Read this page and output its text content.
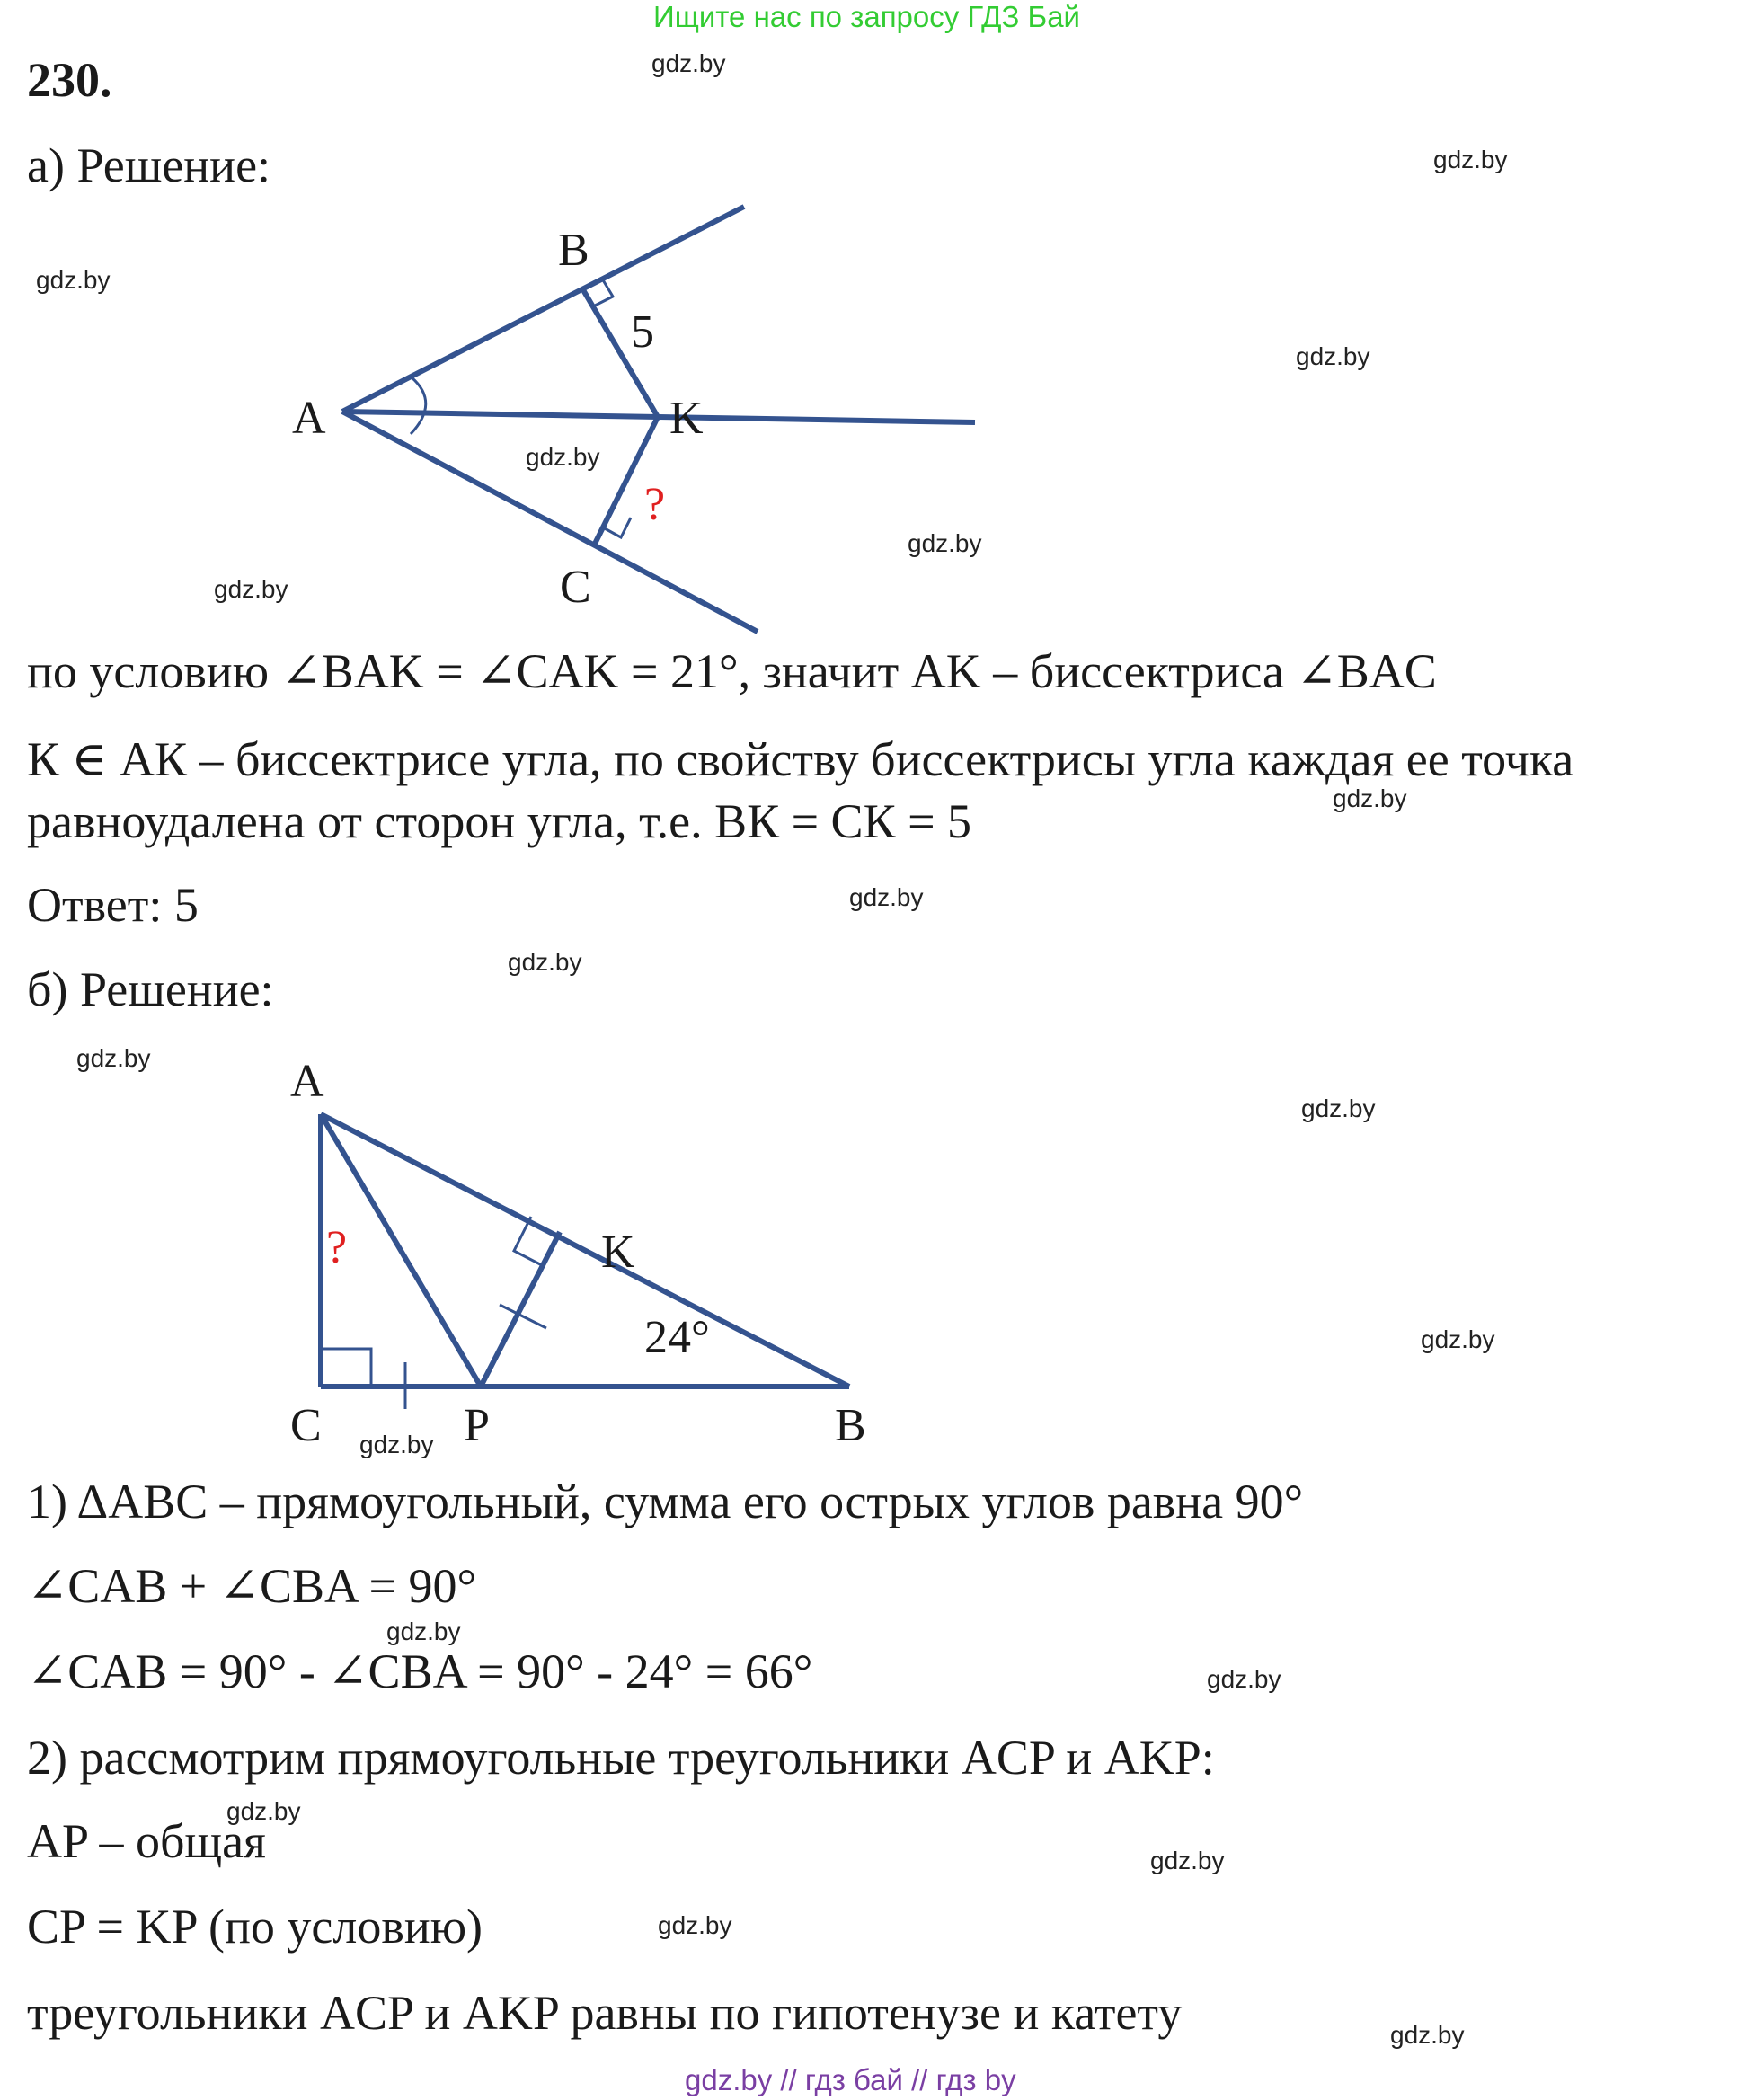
Ищите нас по запросу ГДЗ Бай
230.
а) Решение:
B
A	K
C
5
?
A
K
C	P	B
24°
?
по условию ∠BAK = ∠CAK = 21°, значит AK – биссектриса ∠BAC
К ∈ АК – биссектрисе угла, по свойству биссектрисы угла каждая ее точка
равноудалена от сторон угла, т.е. ВК = СК = 5
Ответ: 5
б) Решение:
1) ΔABC – прямоугольный, сумма его острых углов равна 90°
∠CAB + ∠CBA = 90°
∠CAB = 90° - ∠CBA = 90° - 24° = 66°
2) рассмотрим прямоугольные треугольники ACP и AKP:
AP – общая
CP = KP (по условию)
треугольники ACP и AKP равны по гипотенузе и катету
gdz.by
gdz.by
gdz.by
gdz.by
gdz.by
gdz.by
gdz.by
gdz.by
gdz.by
gdz.by
gdz.by
gdz.by
gdz.by
gdz.by
gdz.by
gdz.by
gdz.by
gdz.by
gdz.by
gdz.by
gdz.by // гдз бай // гдз by
